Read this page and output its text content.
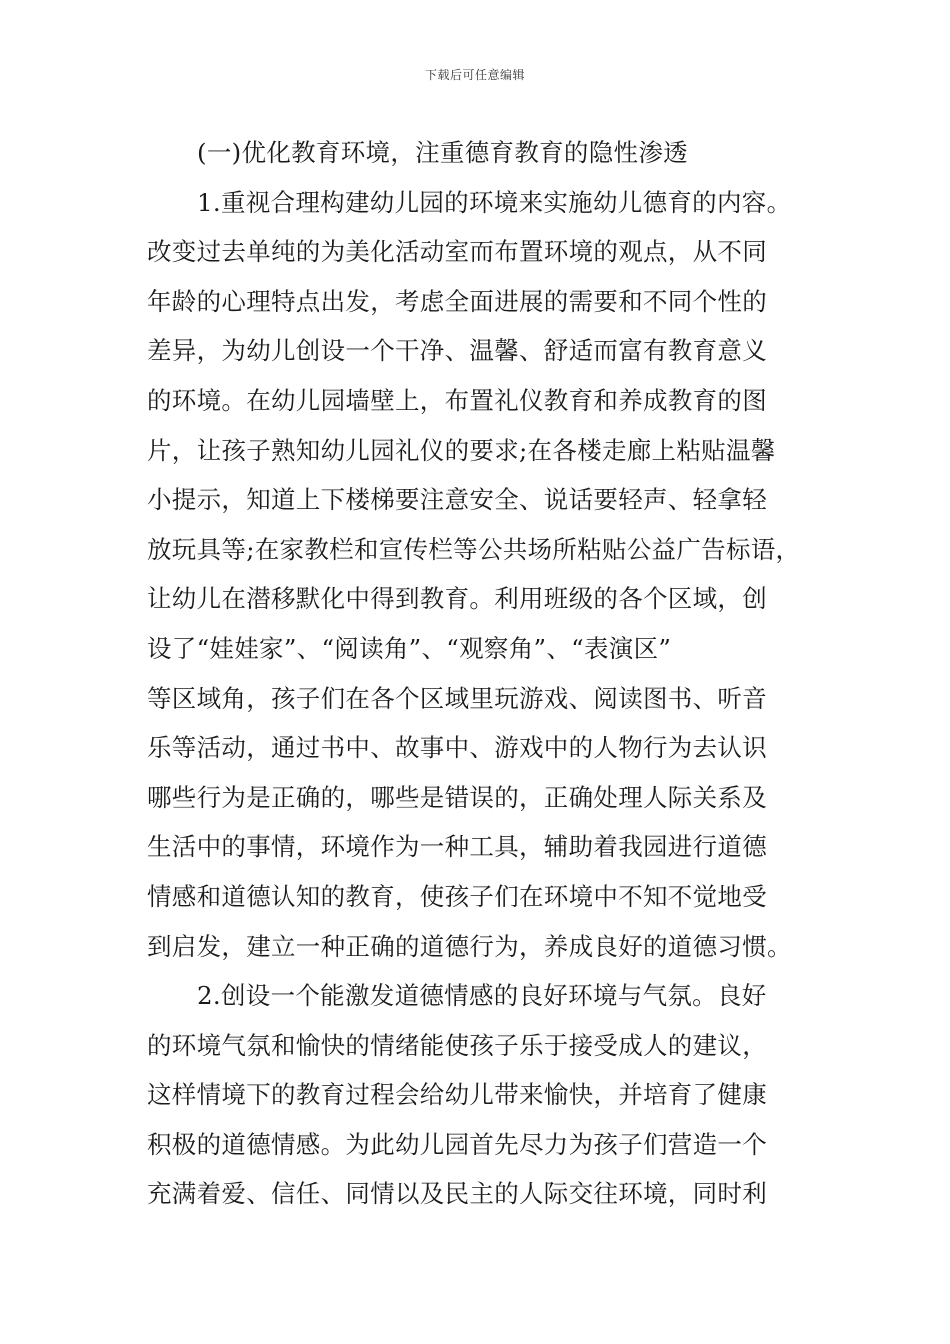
下载后可任意编辑
(一)优化教育环境，注重德育教育的隐性渗透
1.重视合理构建幼儿园的环境来实施幼儿德育的内容。
改变过去单纯的为美化活动室而布置环境的观点，从不同
年龄的心理特点出发，考虑全面进展的需要和不同个性的
差异，为幼儿创设一个干净、温馨、舒适而富有教育意义
的环境。在幼儿园墙壁上，布置礼仪教育和养成教育的图
片，让孩子熟知幼儿园礼仪的要求;在各楼走廊上粘贴温馨
小提示，知道上下楼梯要注意安全、说话要轻声、轻拿轻
放玩具等;在家教栏和宣传栏等公共场所粘贴公益广告标语，
让幼儿在潜移默化中得到教育。利用班级的各个区域，创
设了“娃娃家”、“阅读角”、“观察角”、“表演区”
等区域角，孩子们在各个区域里玩游戏、阅读图书、听音
乐等活动，通过书中、故事中、游戏中的人物行为去认识
哪些行为是正确的，哪些是错误的，正确处理人际关系及
生活中的事情，环境作为一种工具，辅助着我园进行道德
情感和道德认知的教育，使孩子们在环境中不知不觉地受
到启发，建立一种正确的道德行为，养成良好的道德习惯。
2.创设一个能激发道德情感的良好环境与气氛。良好
的环境气氛和愉快的情绪能使孩子乐于接受成人的建议，
这样情境下的教育过程会给幼儿带来愉快，并培育了健康
积极的道德情感。为此幼儿园首先尽力为孩子们营造一个
充满着爱、信任、同情以及民主的人际交往环境，同时利
